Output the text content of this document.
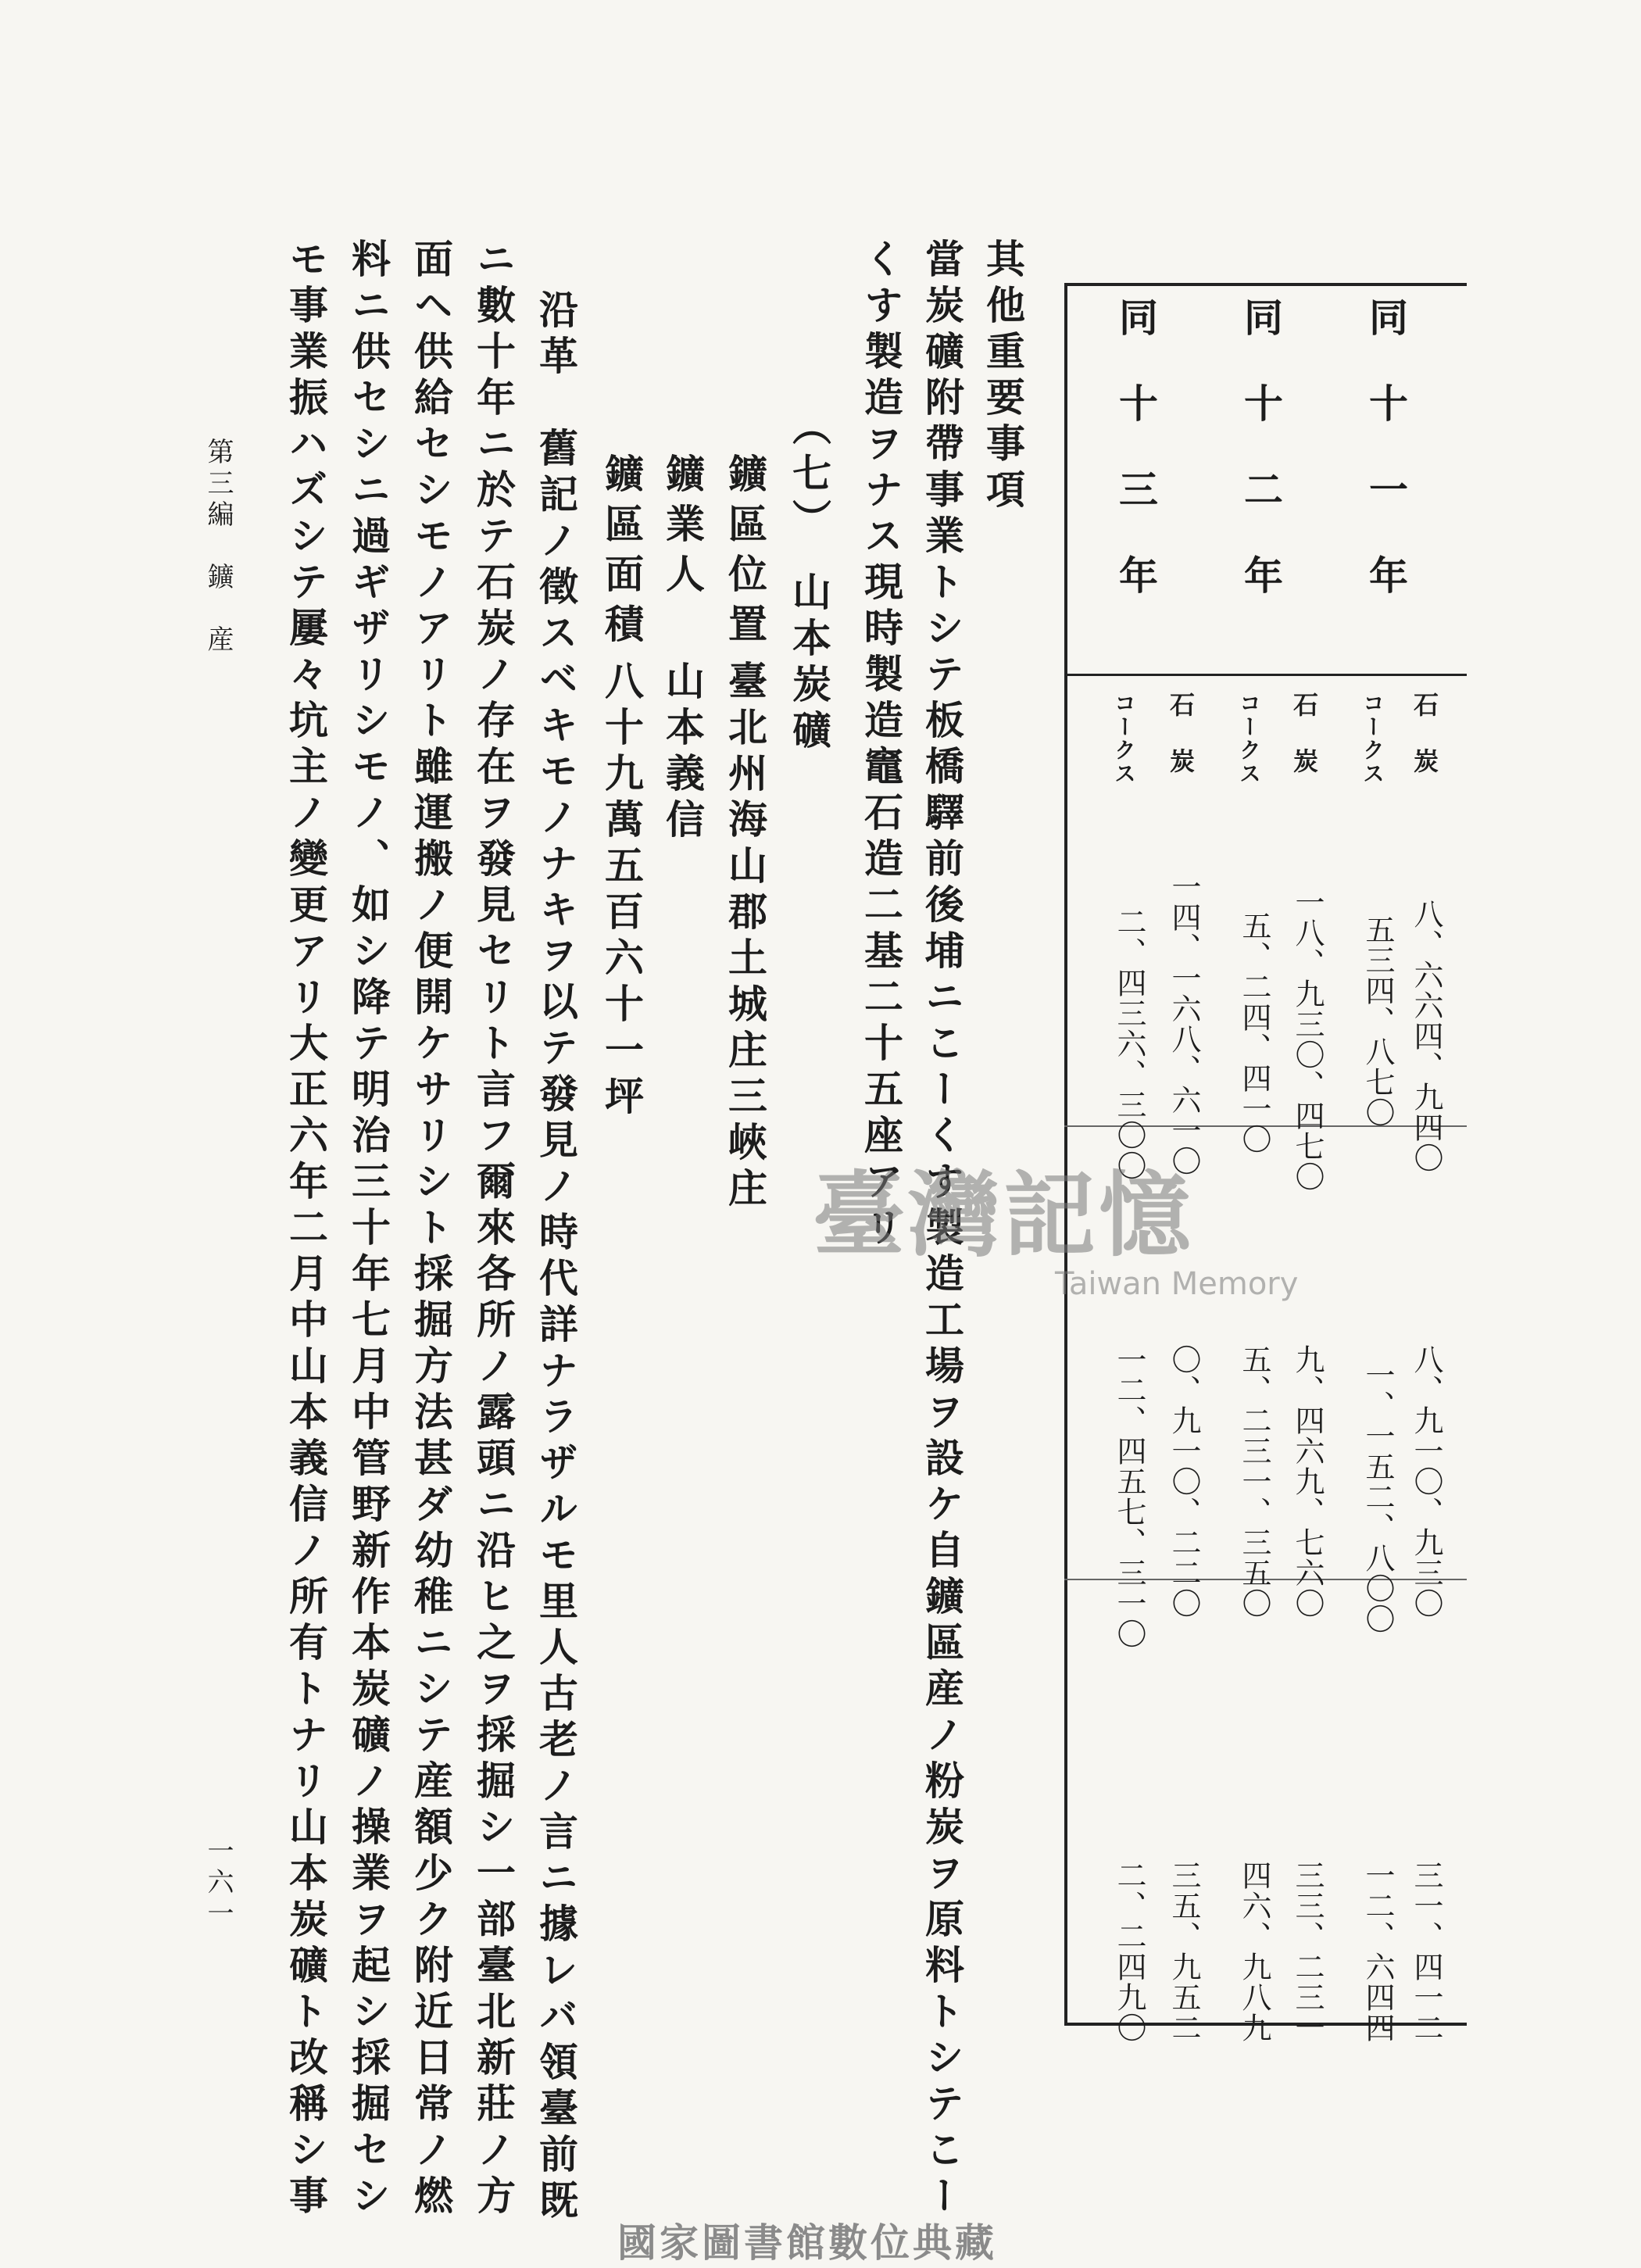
同十一年
同十二年
同十三年
石炭
コークス
八、六六四、九四〇
五三四、八七〇
八、九一〇、九三〇
一、一五二、八〇〇
三一、四一二
一二、六四四
石炭
コークス
一八、九三〇、四七〇
五、二四、四一〇
九、四六九、七六〇
五、二三一、三五〇
三三、二三一
四六、九八九
石炭
コークス
一四、一六八、六一〇
二、四三六、三〇〇
〇、九一〇、二二〇
一二、四五七、三一〇
三五、九五二
二、二四九〇
其他重要事項
當炭礦附帶事業トシテ板橋驛前後埔ニこーくす製造工場ヲ設ケ自鑛區産ノ粉炭ヲ原料トシテこー
くす製造ヲナス現時製造竈石造二基二十五座アリ
（七）　山本炭礦
鑛區位置
臺北州海山郡土城庄三峽庄
鑛業人
山本義信
鑛區面積
八十九萬五百六十一坪
沿革　舊記ノ徵スベキモノナキヲ以テ發見ノ時代詳ナラザルモ里人古老ノ言ニ據レバ領臺前既
ニ數十年ニ於テ石炭ノ存在ヲ發見セリト言フ爾來各所ノ露頭ニ沿ヒ之ヲ採掘シ一部臺北新莊ノ方
面ヘ供給セシモノアリト雖運搬ノ便開ケサリシト採掘方法甚ダ幼稚ニシテ産額少ク附近日常ノ燃
料ニ供セシニ過ギザリシモノ、如シ降テ明治三十年七月中管野新作本炭礦ノ操業ヲ起シ採掘セシ
モ事業振ハズシテ屢々坑主ノ變更アリ大正六年二月中山本義信ノ所有トナリ山本炭礦ト改稱シ事
第三編　鑛　産
一六一
臺灣記憶
Taiwan Memory
國家圖書館數位典藏
